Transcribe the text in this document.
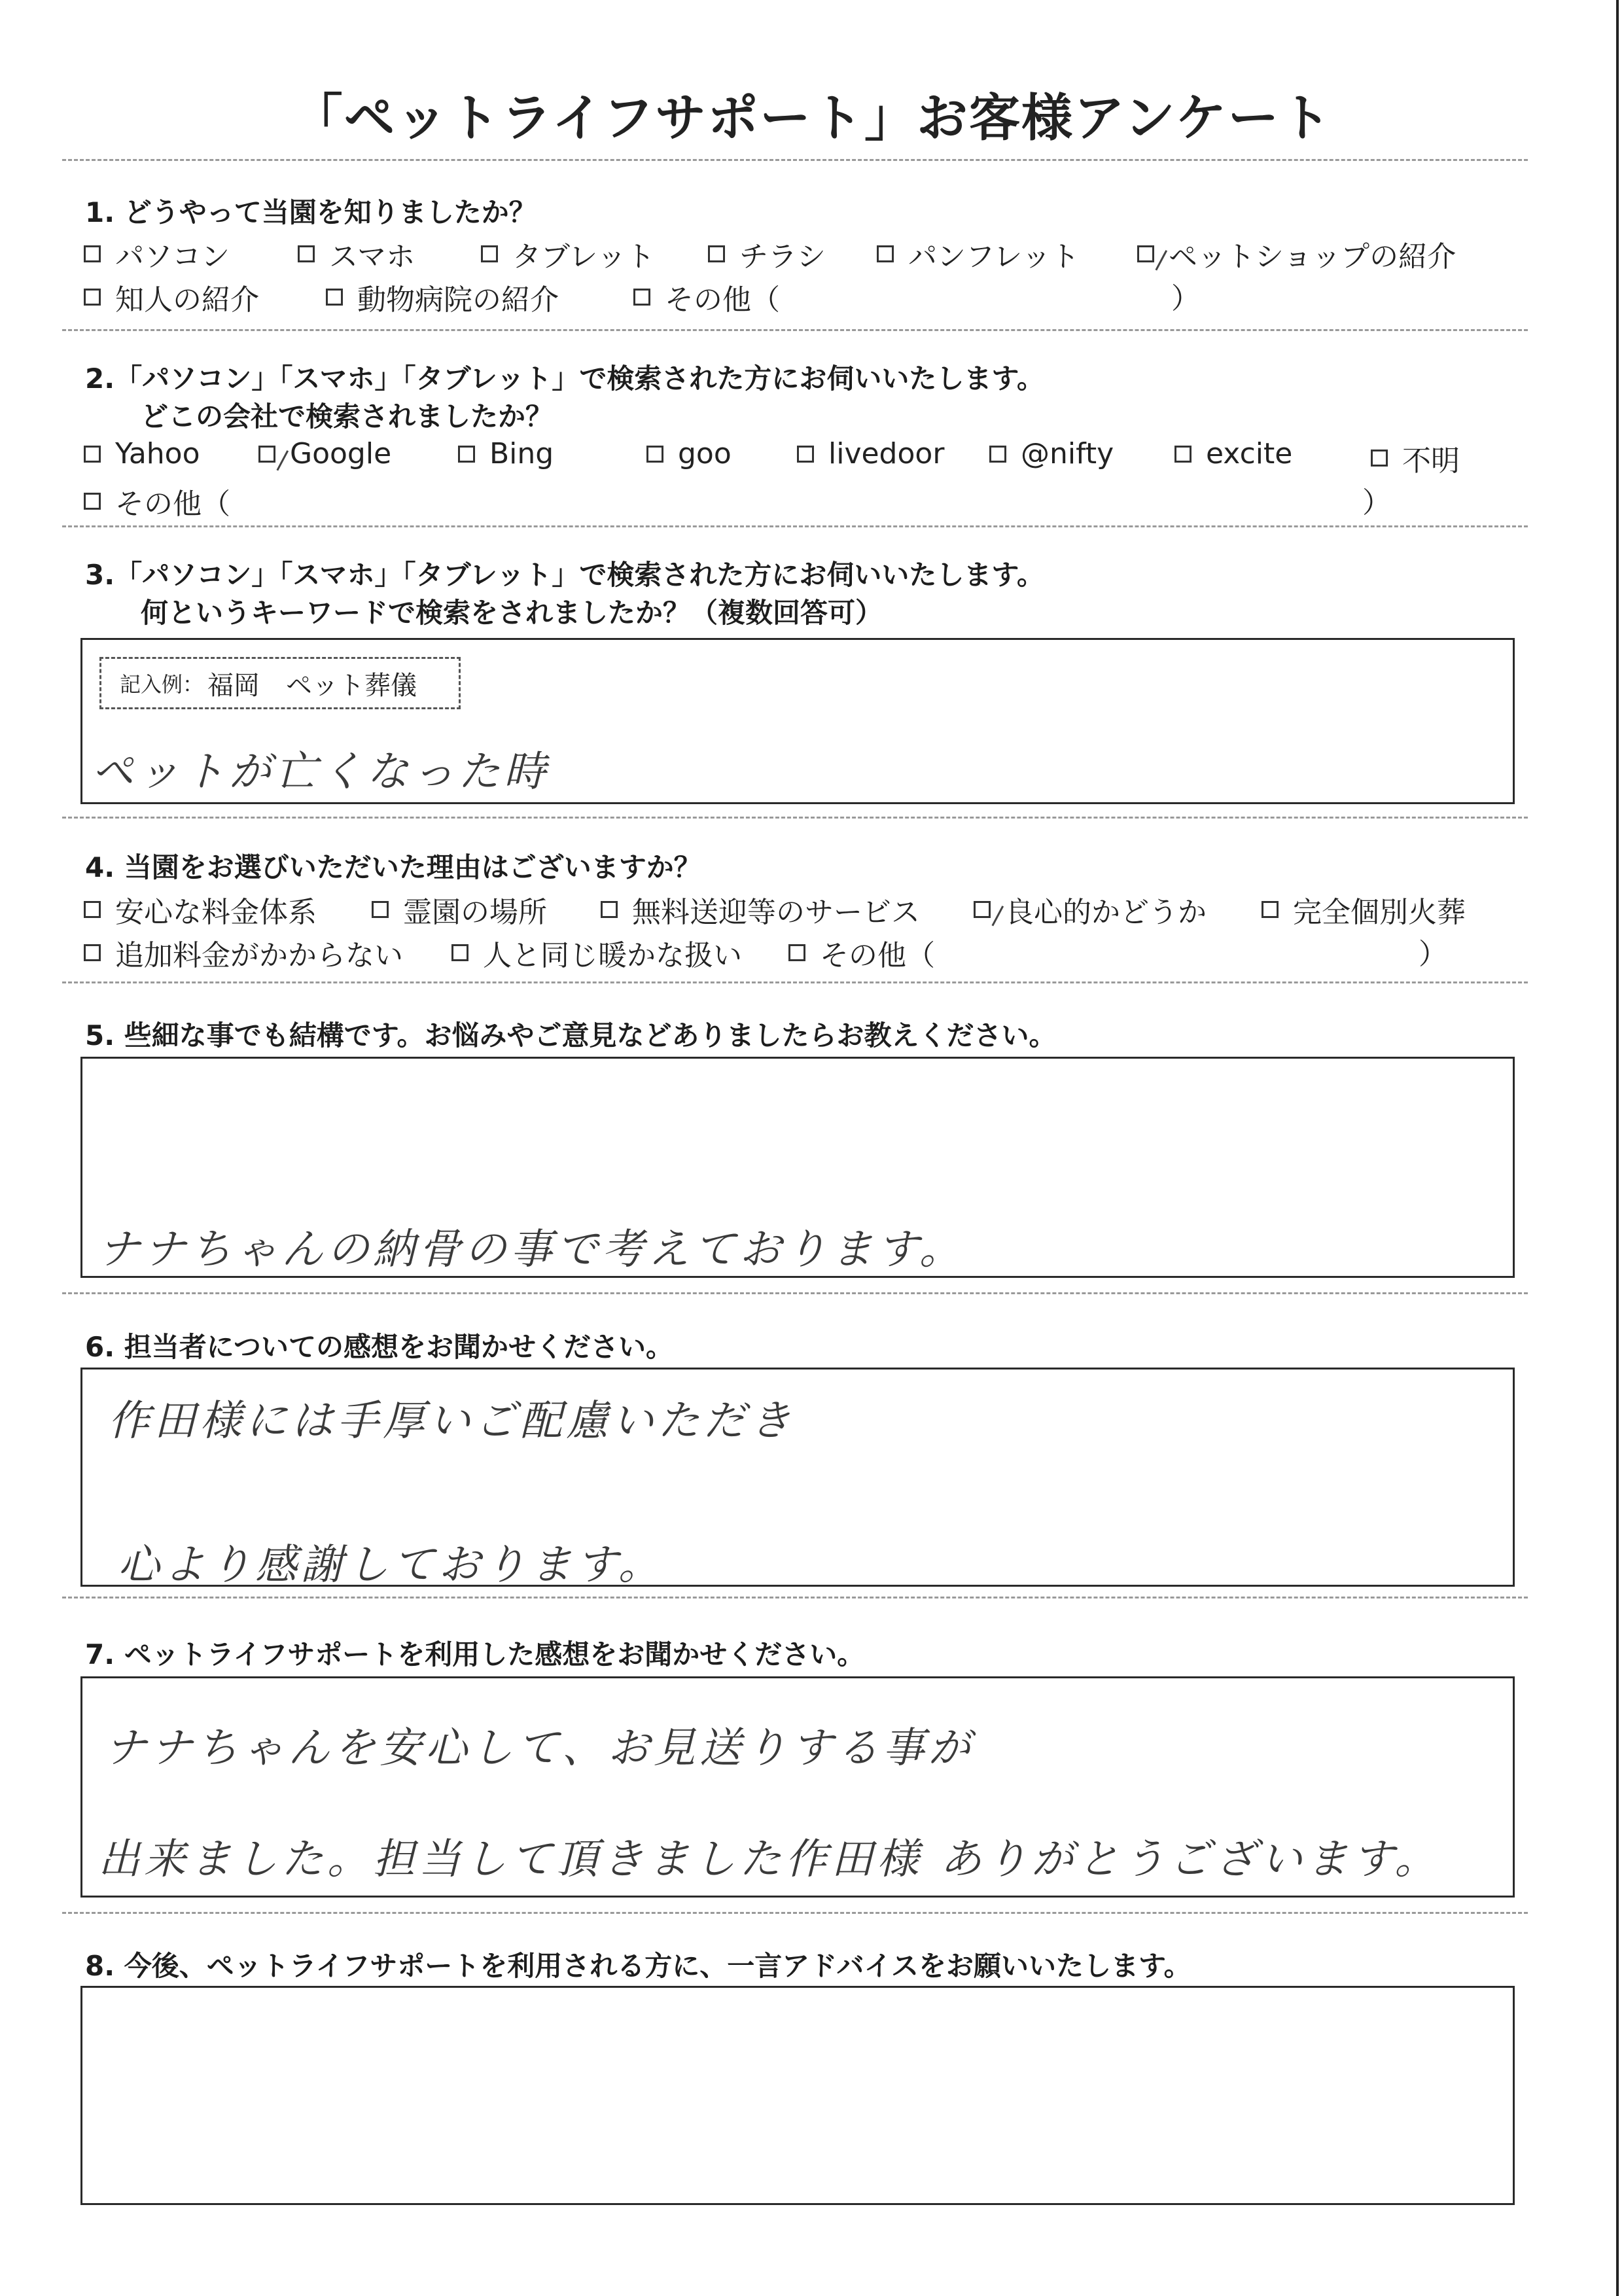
「ペットライフサポート」お客様アンケート
1. どうやって当園を知りましたか？
パソコン	スマホ	タブレット	チラシ	パンフレット	ペットショップの紹介
知人の紹介	動物病院の紹介	その他（	）
2.「パソコン」「スマホ」「タブレット」で検索された方にお伺いいたします。
どこの会社で検索されましたか？
Yahoo	Google	Bing	goo	livedoor	@nifty	excite	不明
その他（	）
3.「パソコン」「スマホ」「タブレット」で検索された方にお伺いいたします。
何というキーワードで検索をされましたか？（複数回答可）
記入例： 福岡　ペット葬儀
ペットが亡くなった時
4. 当園をお選びいただいた理由はございますか？
安心な料金体系	霊園の場所	無料送迎等のサービス	良心的かどうか	完全個別火葬
追加料金がかからない	人と同じ暖かな扱い	その他（	）
5. 些細な事でも結構です。お悩みやご意見などありましたらお教えください。
ナナちゃんの納骨の事で考えております。
6. 担当者についての感想をお聞かせください。
作田様には手厚いご配慮いただき
心より感謝しております。
7. ペットライフサポートを利用した感想をお聞かせください。
ナナちゃんを安心して、お見送りする事が
出来ました。担当して頂きました作田様 ありがとうございます。
8. 今後、ペットライフサポートを利用される方に、一言アドバイスをお願いいたします。
